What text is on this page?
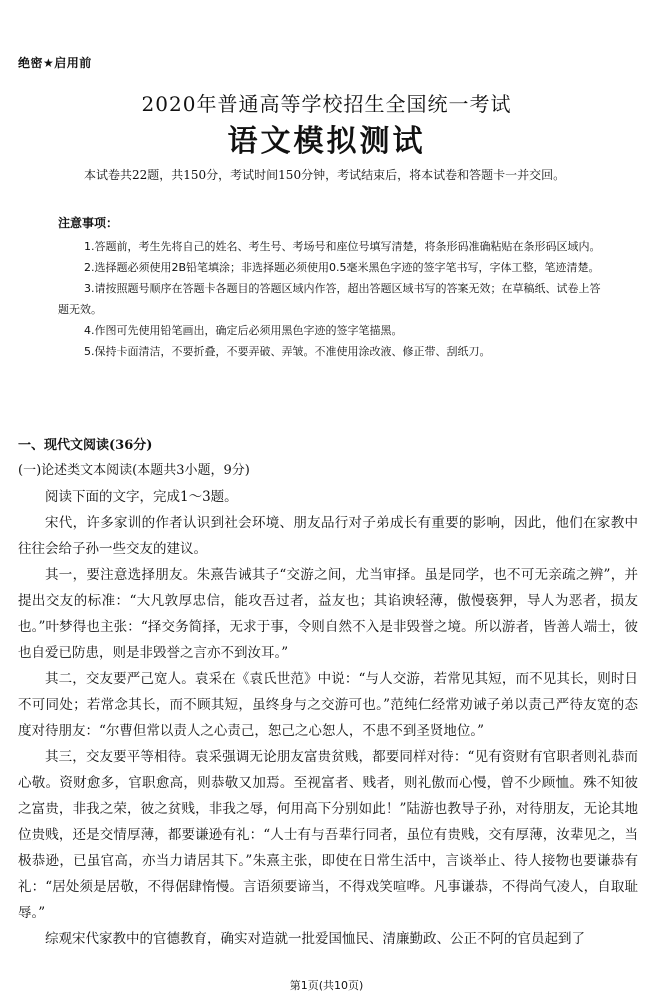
绝密★启用前
2020年普通高等学校招生全国统一考试
语文模拟测试
本试卷共22题，共150分，考试时间150分钟，考试结束后，将本试卷和答题卡一并交回。
注意事项：

1.答题前，考生先将自己的姓名、考生号、考场号和座位号填写清楚，将条形码准确粘贴在条形码区域内。

2.选择题必须使用2B铅笔填涂；非选择题必须使用0.5毫米黑色字迹的签字笔书写，字体工整，笔迹清楚。

3.请按照题号顺序在答题卡各题目的答题区域内作答，超出答题区域书写的答案无效；在草稿纸、试卷上答题无效。

4.作图可先使用铅笔画出，确定后必须用黑色字迹的签字笔描黑。

5.保持卡面清洁，不要折叠，不要弄破、弄皱。不准使用涂改液、修正带、刮纸刀。

一、现代文阅读(36分)
(一)论述类文本阅读(本题共3小题，9分)

阅读下面的文字，完成1～3题。

宋代，许多家训的作者认识到社会环境、朋友品行对子弟成长有重要的影响，因此，他们在家教中往往会给子孙一些交友的建议。

其一，要注意选择朋友。朱熹告诫其子“交游之间，尤当审择。虽是同学，也不可无亲疏之辨”，并提出交友的标准：“大凡敦厚忠信，能攻吾过者，益友也；其谄谀轻薄，傲慢亵狎，导人为恶者，损友也。”叶梦得也主张：“择交务简择，无求于事，令则自然不入是非毁誉之境。所以游者，皆善人端士，彼也自爱已防患，则是非毁誉之言亦不到汝耳。”

其二，交友要严己宽人。袁采在《袁氏世范》中说：“与人交游，若常见其短，而不见其长，则时日不可同处；若常念其长，而不顾其短，虽终身与之交游可也。”范纯仁经常劝诫子弟以责己严待友宽的态度对待朋友：“尔曹但常以责人之心责己，恕己之心恕人，不患不到圣贤地位。”

其三，交友要平等相待。袁采强调无论朋友富贵贫贱，都要同样对待：“见有资财有官职者则礼恭而心敬。资财愈多，官职愈高，则恭敬又加焉。至视富者、贱者，则礼傲而心慢，曾不少顾恤。殊不知彼之富贵，非我之荣，彼之贫贱，非我之辱，何用高下分别如此！”陆游也教导子孙，对待朋友，无论其地位贵贱，还是交情厚薄，都要谦逊有礼：“人士有与吾辈行同者，虽位有贵贱，交有厚薄，汝辈见之，当极恭逊，已虽官高，亦当力请居其下。”朱熹主张，即使在日常生活中，言谈举止、待人接物也要谦恭有礼：“居处须是居敬，不得倨肆惰慢。言语须要谛当，不得戏笑喧哗。凡事谦恭，不得尚气凌人，自取耻辱。”

综观宋代家教中的官德教育，确实对造就一批爱国恤民、清廉勤政、公正不阿的官员起到了

第1页(共10页)
